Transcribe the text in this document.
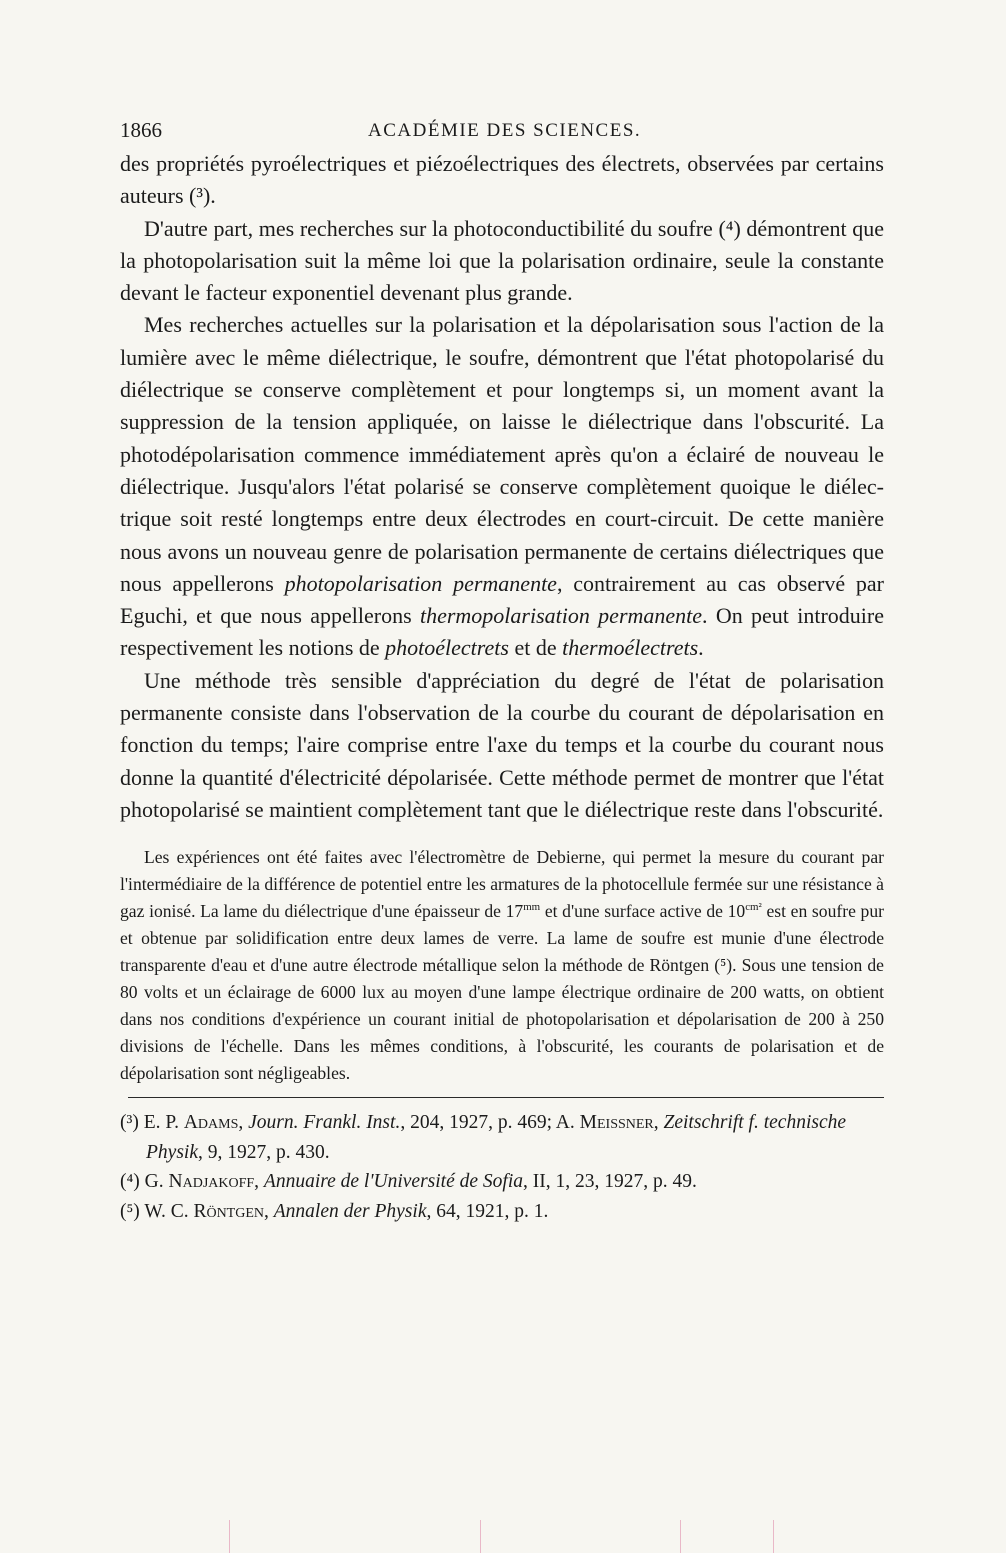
1866	ACADÉMIE DES SCIENCES.

des propriétés pyroélectriques et piézoélectriques des électrets, observées par certains auteurs (³).

D'autre part, mes recherches sur la photoconductibilité du soufre (⁴) démontrent que la photopolarisation suit la même loi que la polarisation ordinaire, seule la constante devant le facteur exponentiel devenant plus grande.

Mes recherches actuelles sur la polarisation et la dépolarisation sous l'action de la lumière avec le même diélectrique, le soufre, démontrent que l'état photopolarisé du diélectrique se conserve complètement et pour longtemps si, un moment avant la suppression de la tension appliquée, on laisse le diélectrique dans l'obscurité. La photodépolarisation commence immédiatement après qu'on a éclairé de nouveau le diélectrique. Jusqu'alors l'état polarisé se conserve complètement quoique le diélectrique soit resté longtemps entre deux électrodes en court-circuit. De cette manière nous avons un nouveau genre de polarisation permanente de certains diélectriques que nous appellerons photopolarisation permanente, contrairement au cas observé par Eguchi, et que nous appellerons thermopolarisation permanente. On peut introduire respectivement les notions de photoélectrets et de thermoélectrets.

Une méthode très sensible d'appréciation du degré de l'état de polarisation permanente consiste dans l'observation de la courbe du courant de dépolarisation en fonction du temps; l'aire comprise entre l'axe du temps et la courbe du courant nous donne la quantité d'électricité dépolarisée. Cette méthode permet de montrer que l'état photopolarisé se maintient complètement tant que le diélectrique reste dans l'obscurité.

Les expériences ont été faites avec l'électromètre de Debierne, qui permet la mesure du courant par l'intermédiaire de la différence de potentiel entre les armatures de la photocellule fermée sur une résistance à gaz ionisé. La lame du diélectrique d'une épaisseur de $17^{mm}$ et d'une surface active de $10^{cm^2}$ est en soufre pur et obtenue par solidification entre deux lames de verre. La lame de soufre est munie d'une électrode transparente d'eau et d'une autre électrode métallique selon la méthode de Röntgen (⁵). Sous une tension de 80 volts et un éclairage de 6000 lux au moyen d'une lampe électrique ordinaire de 200 watts, on obtient dans nos conditions d'expérience un courant initial de photopolarisation et dépolarisation de 200 à 250 divisions de l'échelle. Dans les mêmes conditions, à l'obscurité, les courants de polarisation et de dépolarisation sont négligeables.

(³) E. P. Adams, Journ. Frankl. Inst., 204, 1927, p. 469; A. Meissner, Zeitschrift f. technische Physik, 9, 1927, p. 430.

(⁴) G. Nadjakoff, Annuaire de l'Université de Sofia, II, 1, 23, 1927, p. 49.

(⁵) W. C. Röntgen, Annalen der Physik, 64, 1921, p. 1.
